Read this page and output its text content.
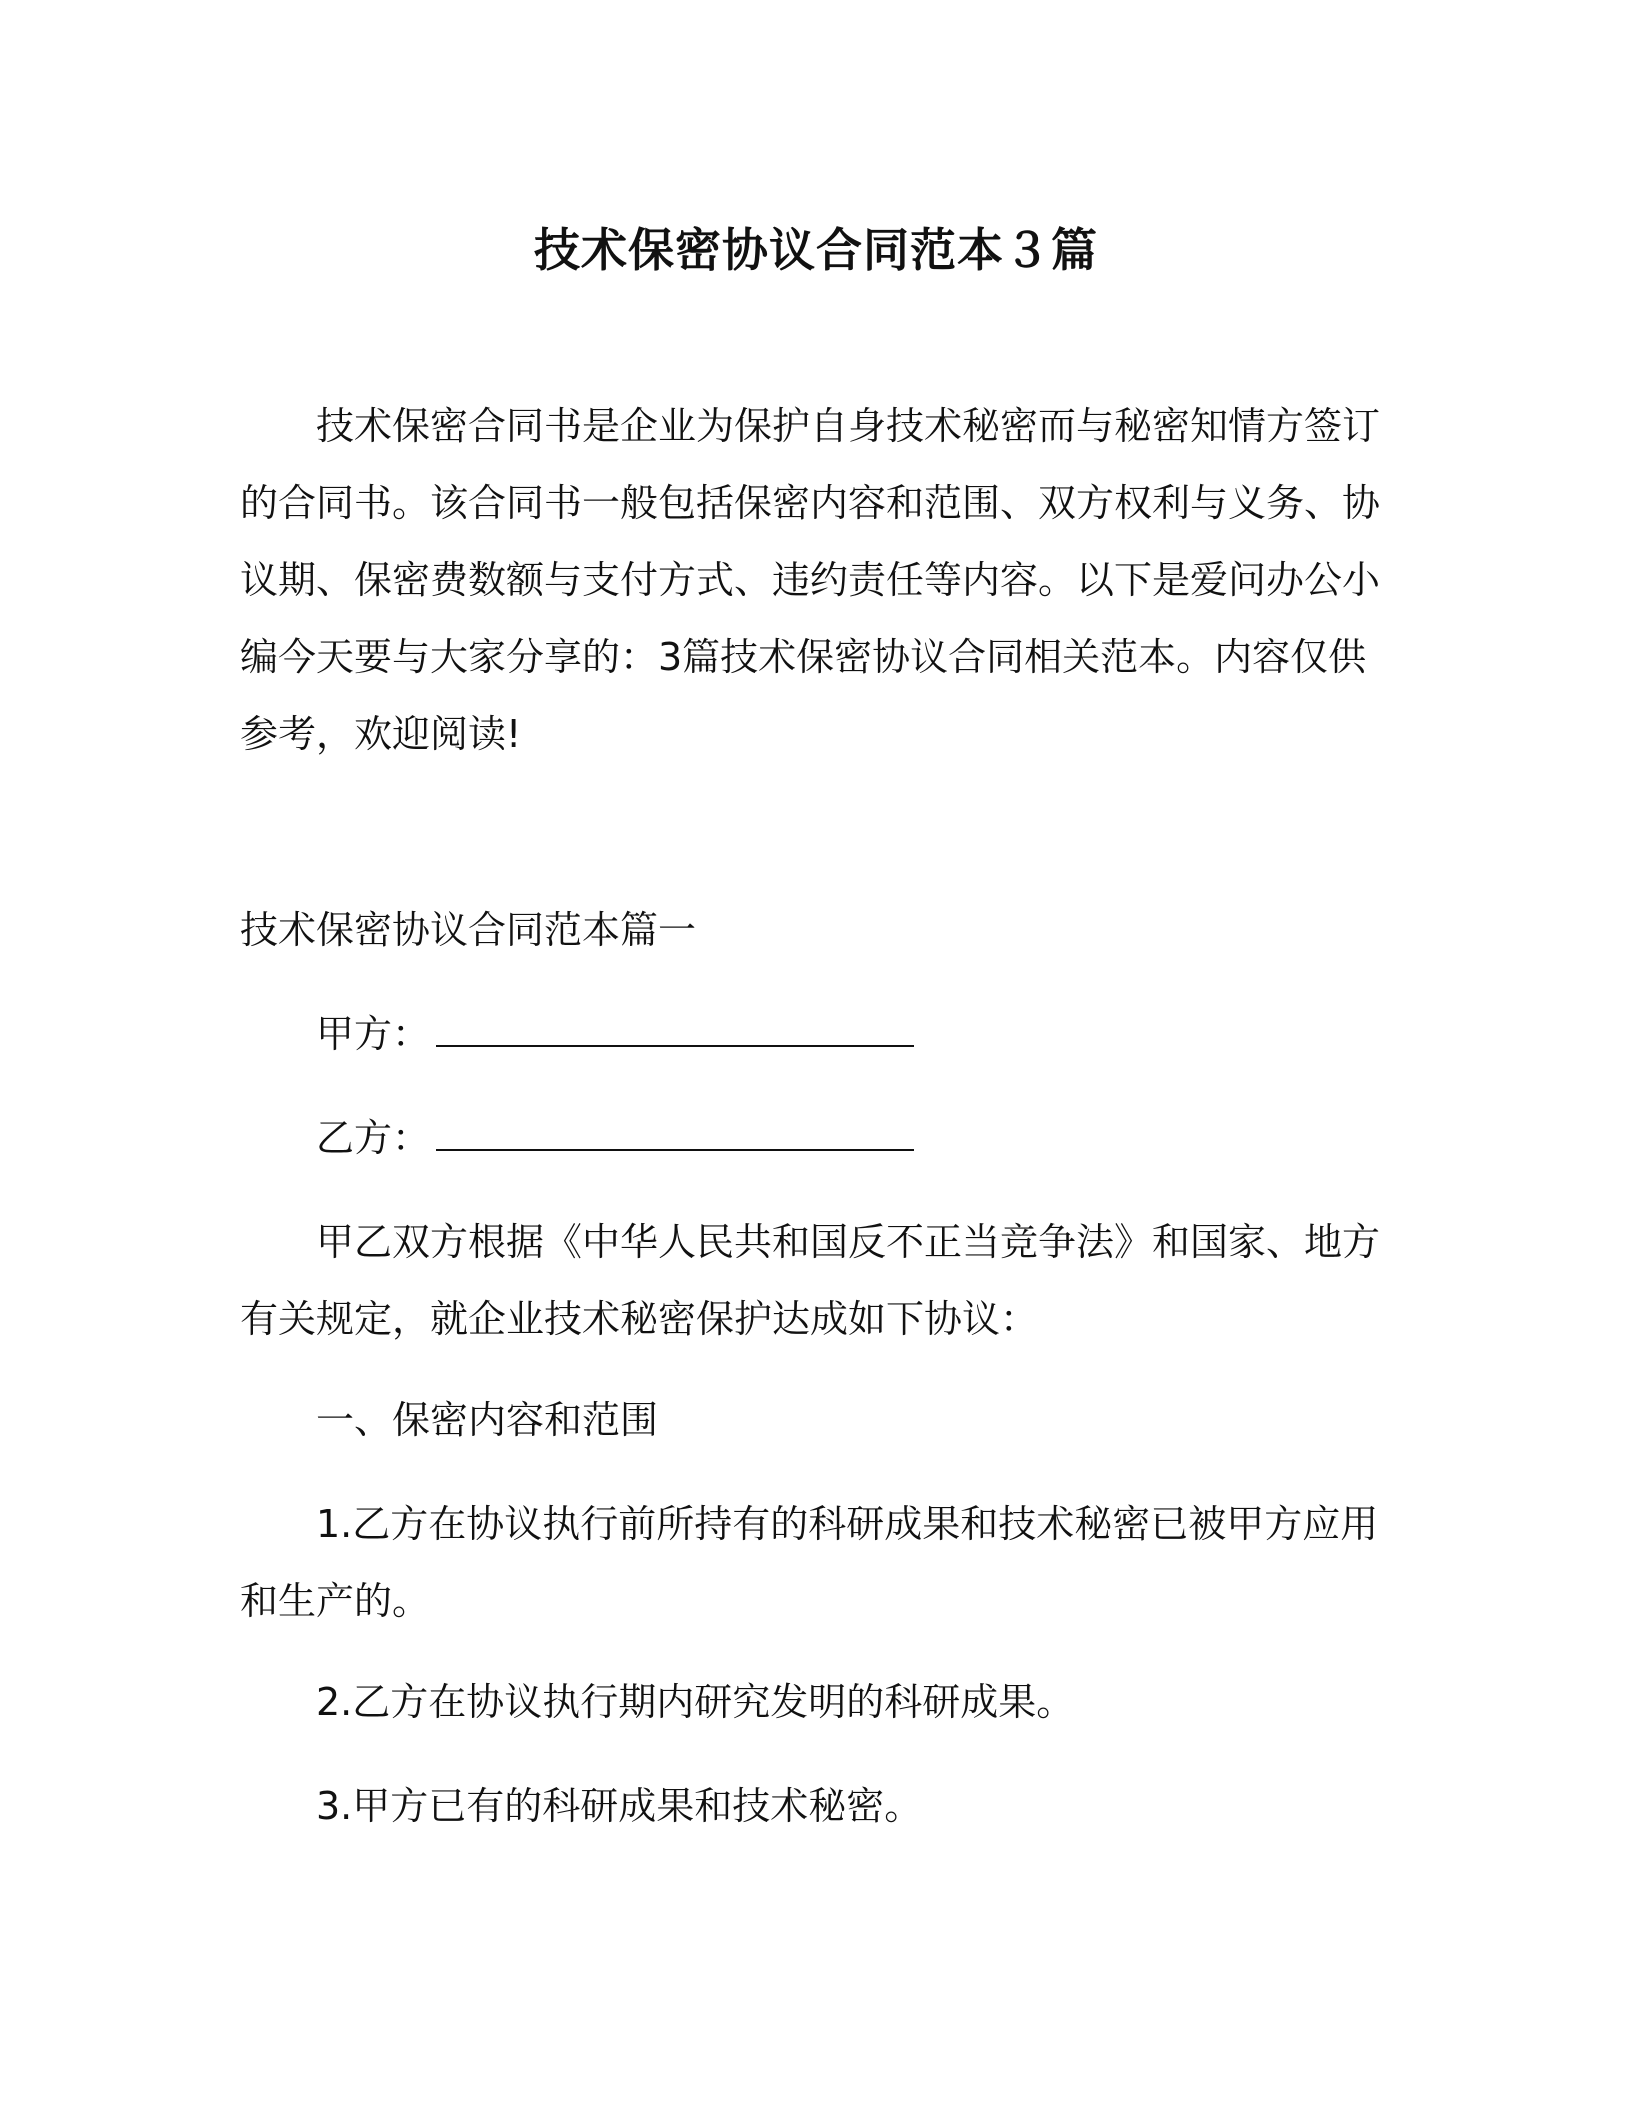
技术保密协议合同范本３篇

技术保密合同书是企业为保护自身技术秘密而与秘密知情方签订的合同书。该合同书一般包括保密内容和范围、双方权利与义务、协议期、保密费数额与支付方式、违约责任等内容。以下是爱问办公小编今天要与大家分享的：3篇技术保密协议合同相关范本。内容仅供参考，欢迎阅读!

技术保密协议合同范本篇一

甲方：

乙方：

甲乙双方根据《中华人民共和国反不正当竞争法》和国家、地方有关规定，就企业技术秘密保护达成如下协议：

一、保密内容和范围

1.乙方在协议执行前所持有的科研成果和技术秘密已被甲方应用和生产的。

2.乙方在协议执行期内研究发明的科研成果。

3.甲方已有的科研成果和技术秘密。
